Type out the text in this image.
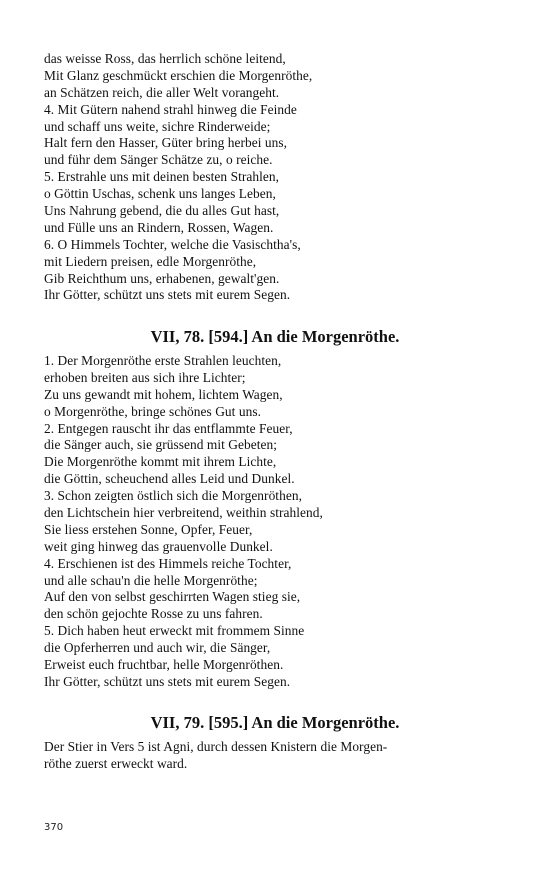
das weisse Ross, das herrlich schöne leitend,
Mit Glanz geschmückt erschien die Morgenröthe,
an Schätzen reich, die aller Welt vorangeht.
4. Mit Gütern nahend strahl hinweg die Feinde
und schaff uns weite, sichre Rinderweide;
Halt fern den Hasser, Güter bring herbei uns,
und führ dem Sänger Schätze zu, o reiche.
5. Erstrahle uns mit deinen besten Strahlen,
o Göttin Uschas, schenk uns langes Leben,
Uns Nahrung gebend, die du alles Gut hast,
und Fülle uns an Rindern, Rossen, Wagen.
6. O Himmels Tochter, welche die Vasischtha's,
mit Liedern preisen, edle Morgenröthe,
Gib Reichthum uns, erhabenen, gewalt'gen.
Ihr Götter, schützt uns stets mit eurem Segen.
VII, 78. [594.] An die Morgenröthe.
1. Der Morgenröthe erste Strahlen leuchten,
erhoben breiten aus sich ihre Lichter;
Zu uns gewandt mit hohem, lichtem Wagen,
o Morgenröthe, bringe schönes Gut uns.
2. Entgegen rauscht ihr das entflammte Feuer,
die Sänger auch, sie grüssend mit Gebeten;
Die Morgenröthe kommt mit ihrem Lichte,
die Göttin, scheuchend alles Leid und Dunkel.
3. Schon zeigten östlich sich die Morgenröthen,
den Lichtschein hier verbreitend, weithin strahlend,
Sie liess erstehen Sonne, Opfer, Feuer,
weit ging hinweg das grauenvolle Dunkel.
4. Erschienen ist des Himmels reiche Tochter,
und alle schau'n die helle Morgenröthe;
Auf den von selbst geschirrten Wagen stieg sie,
den schön gejochte Rosse zu uns fahren.
5. Dich haben heut erweckt mit frommem Sinne
die Opferherren und auch wir, die Sänger,
Erweist euch fruchtbar, helle Morgenröthen.
Ihr Götter, schützt uns stets mit eurem Segen.
VII, 79. [595.] An die Morgenröthe.
Der Stier in Vers 5 ist Agni, durch dessen Knistern die Morgen-
röthe zuerst erweckt ward.
370
